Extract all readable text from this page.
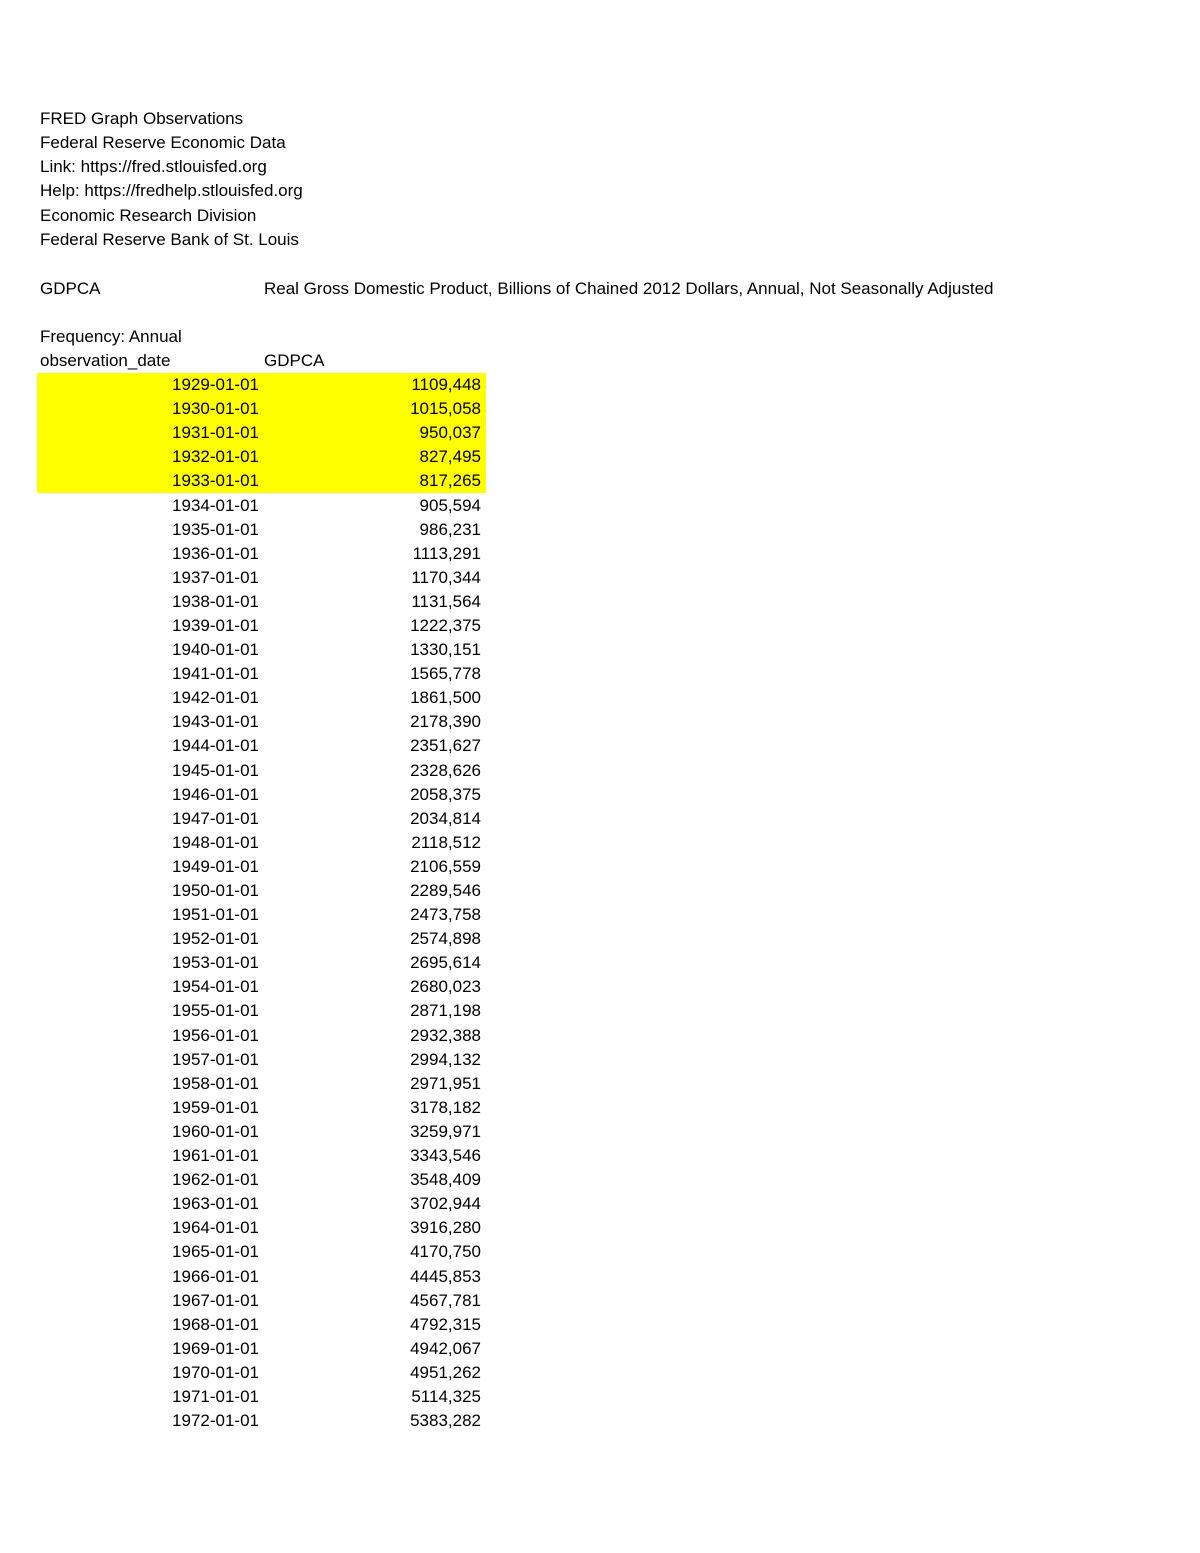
FRED Graph Observations
Federal Reserve Economic Data
Link: https://fred.stlouisfed.org
Help: https://fredhelp.stlouisfed.org
Economic Research Division
Federal Reserve Bank of St. Louis
GDPCA	Real Gross Domestic Product, Billions of Chained 2012 Dollars, Annual, Not Seasonally Adjusted
Frequency: Annual
observation_date	GDPCA
1929-01-01	1109,448
1930-01-01	1015,058
1931-01-01	950,037
1932-01-01	827,495
1933-01-01	817,265
1934-01-01	905,594
1935-01-01	986,231
1936-01-01	1113,291
1937-01-01	1170,344
1938-01-01	1131,564
1939-01-01	1222,375
1940-01-01	1330,151
1941-01-01	1565,778
1942-01-01	1861,500
1943-01-01	2178,390
1944-01-01	2351,627
1945-01-01	2328,626
1946-01-01	2058,375
1947-01-01	2034,814
1948-01-01	2118,512
1949-01-01	2106,559
1950-01-01	2289,546
1951-01-01	2473,758
1952-01-01	2574,898
1953-01-01	2695,614
1954-01-01	2680,023
1955-01-01	2871,198
1956-01-01	2932,388
1957-01-01	2994,132
1958-01-01	2971,951
1959-01-01	3178,182
1960-01-01	3259,971
1961-01-01	3343,546
1962-01-01	3548,409
1963-01-01	3702,944
1964-01-01	3916,280
1965-01-01	4170,750
1966-01-01	4445,853
1967-01-01	4567,781
1968-01-01	4792,315
1969-01-01	4942,067
1970-01-01	4951,262
1971-01-01	5114,325
1972-01-01	5383,282
